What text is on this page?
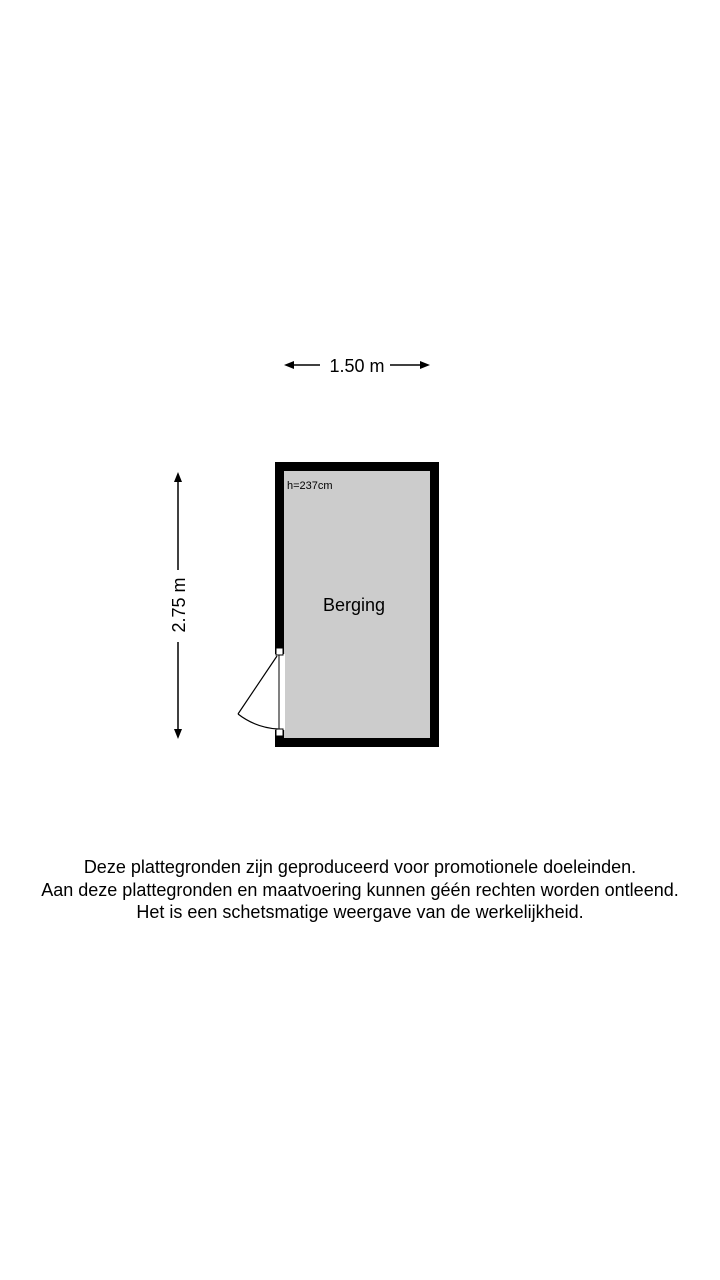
1.50 m
2.75 m
h=237cm
Berging
Deze plattegronden zijn geproduceerd voor promotionele doeleinden.
Aan deze plattegronden en maatvoering kunnen géén rechten worden ontleend.
Het is een schetsmatige weergave van de werkelijkheid.
